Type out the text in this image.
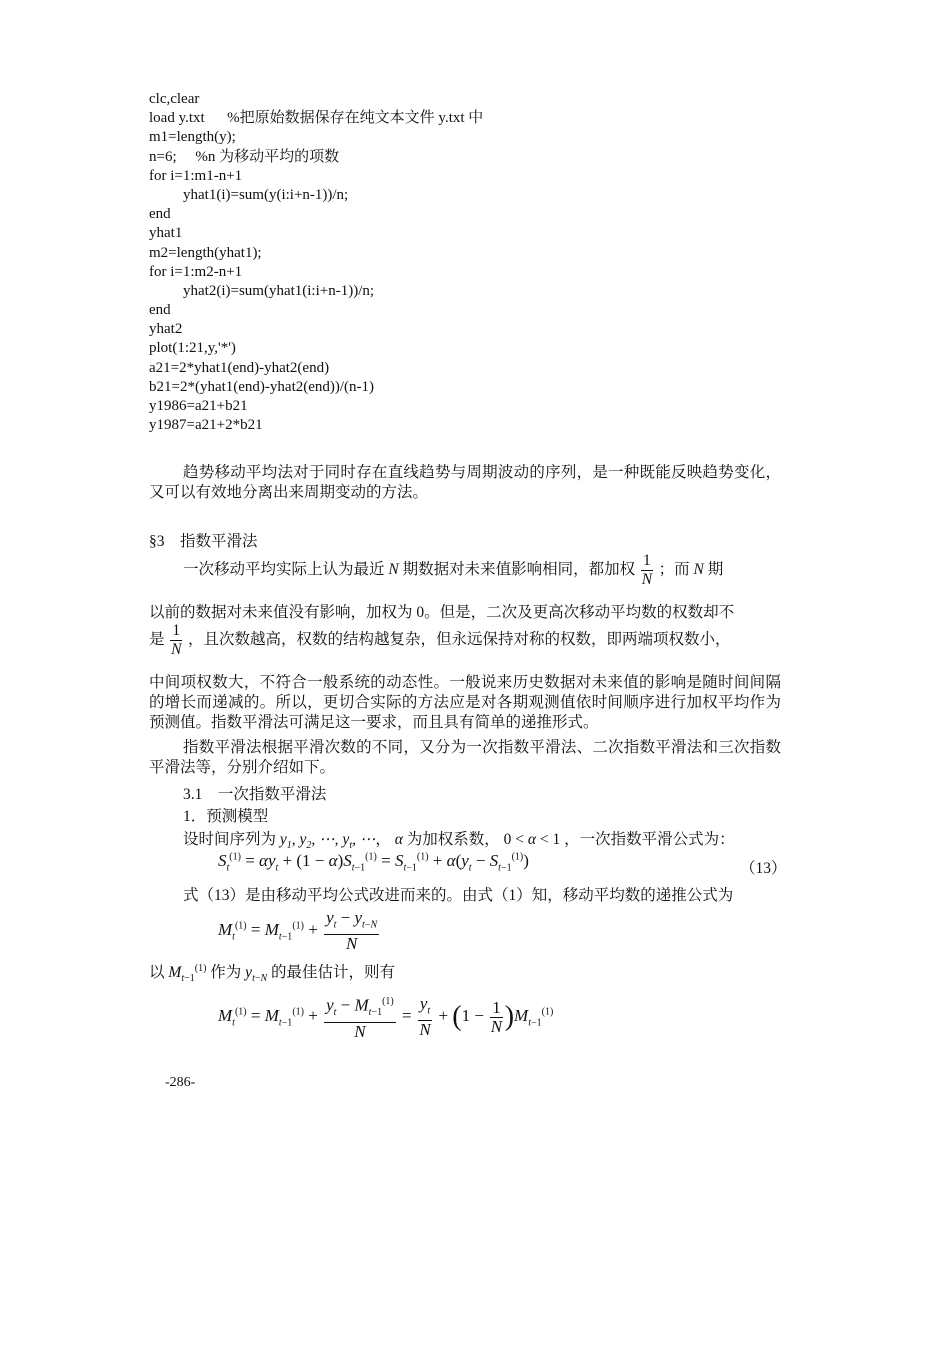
clc,clear
load y.txt      %把原始数据保存在纯文本文件 y.txt 中
m1=length(y);
n=6;     %n 为移动平均的项数
for i=1:m1-n+1
yhat1(i)=sum(y(i:i+n-1))/n;
end
yhat1
m2=length(yhat1);
for i=1:m2-n+1
yhat2(i)=sum(yhat1(i:i+n-1))/n;
end
yhat2
plot(1:21,y,'*')
a21=2*yhat1(end)-yhat2(end)
b21=2*(yhat1(end)-yhat2(end))/(n-1)
y1986=a21+b21
y1987=a21+2*b21
趋势移动平均法对于同时存在直线趋势与周期波动的序列，是一种既能反映趋势变化，又可以有效地分离出来周期变动的方法。
§3　指数平滑法
一次移动平均实际上认为最近 N 期数据对未来值影响相同，都加权 $\frac{1}{N}$ ；而 N 期
以前的数据对未来值没有影响，加权为 0。但是，二次及更高次移动平均数的权数却不
是 $\frac{1}{N}$ ，且次数越高，权数的结构越复杂，但永远保持对称的权数，即两端项权数小，
中间项权数大，不符合一般系统的动态性。一般说来历史数据对未来值的影响是随时间间隔的增长而递减的。所以，更切合实际的方法应是对各期观测值依时间顺序进行加权平均作为预测值。指数平滑法可满足这一要求，而且具有简单的递推形式。
指数平滑法根据平滑次数的不同，又分为一次指数平滑法、二次指数平滑法和三次指数平滑法等，分别介绍如下。
3.1　一次指数平滑法
1．预测模型
设时间序列为 $y_1$, $y_2$, ⋯, $y_t$, ⋯， α 为加权系数， 0 < α < 1 ，一次指数平滑公式为：
$S_t^{(1)} = \alpha y_t + (1 - \alpha)S_{t-1}^{(1)} = S_{t-1}^{(1)} + \alpha(y_t - S_{t-1}^{(1)})$	（13）
式（13）是由移动平均公式改进而来的。由式（1）知，移动平均数的递推公式为
$M_t^{(1)} = M_{t-1}^{(1)} + \frac{y_t - y_{t-N}}{N}$
以 $M_{t-1}^{(1)}$ 作为 $y_{t-N}$ 的最佳估计，则有
$M_t^{(1)} = M_{t-1}^{(1)} + \frac{y_t - M_{t-1}^{(1)}}{N} = \frac{y_t}{N} + (1 - \frac{1}{N} )M_{t-1}^{(1)}$
-286-
